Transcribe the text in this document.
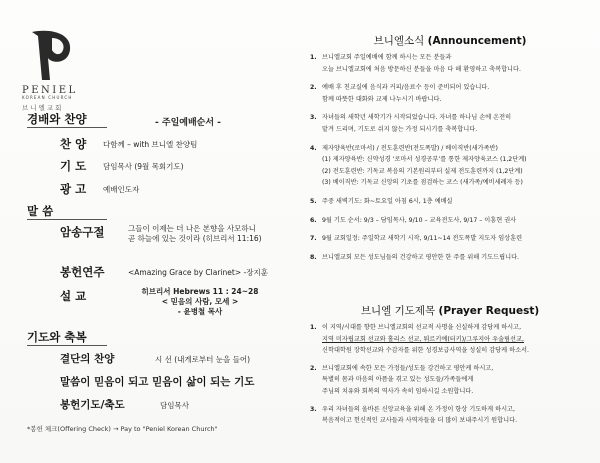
PENIEL
KOREAN CHURCH
브니엘교회
경배와 찬양	- 주일예배순서 -
찬 양 다함께 – with 브니엘 찬양팀
기 도 담임목사 (9월 목회기도)
광 고 예배인도자
말 씀
암송구절	그들이 이제는 더 나은 본향을 사모하니
곧 하늘에 있는 것이라 (히브리서 11:16)
봉헌연주	<Amazing Grace by Clarinet> -장지훈
설 교	히브리서 Hebrews 11 : 24~28
< 믿음의 사람, 모세 >
- 윤병철 목사
기도와 축복
결단의 찬양	시 선 (내게로부터 눈을 들어)
말씀이 믿음이 되고 믿음이 삶이 되는 기도
봉헌기도/축도	담임목사
*봉헌 체크(Offering Check) → Pay to "Peniel Korean Church"
브니엘소식 (Announcement)
1. 브니엘교회 주일예배에 함께 하시는 모든 분들과
오늘 브니엘교회에 처음 방문하신 분들을 마음 다 해 환영하고 축복합니다.
2. 예배 후 친교실에 음식과 커피/음료수 등이 준비되어 있습니다.
함께 따뜻한 대화와 교제 나누시기 바랍니다.
3. 자녀들의 새학년 새학기가 시작되었습니다. 자녀를 하나님 손에 온전히
맡겨 드리며, 기도로 쉬지 않는 가정 되시기를 축복합니다.
4. 제자양육반(로마서) / 전도훈련반(전도폭발) / 베이직반(새가족반)
(1) 제자양육반: 신약성경 ‘로마서 성경공부’를 통한 제자양육코스 (1,2단계)
(2) 전도훈련반: 기독교 복음의 기본원리부터 실제 전도훈련까지 (1,2단계)
(3) 베이직반: 기독교 신앙의 기초를 점검하는 코스 (새가족/예비세례자 등)
5. 주중 새벽기도: 화~토요일 아침 6시, 1층 예배실
6. 9월 기도 순서: 9/3 – 담임목사, 9/10 – 교육전도사, 9/17 – 이흥현 권사
7. 9월 교회일정: 주일학교 새학기 시작, 9/11~14 전도폭발 지도자 임상훈련
8. 브니엘교회 모든 성도님들의 건강하고 평안한 한 주를 위해 기도드립니다.
브니엘 기도제목 (Prayer Request)
1. 이 지역/시대를 향한 브니엘교회의 선교적 사명을 신실하게 감당케 하시고,
지역 미자립교회 선교와 홀리스 선교, 튀르키예(터키)/그루지아 우술림선교,
신학대학원 장학선교와 수감자를 위한 성경보급사역을 성실히 감당케 하소서.
2. 브니엘교회에 속한 모든 가정들/성도들 강건하고 평안케 하시고,
특별히 몸과 마음의 아픔을 겪고 있는 성도들/가족들에게
주님의 치유와 회복의 역사가 속히 임하시길 소원합니다.
3. 우리 자녀들의 올바른 신앙교육을 위해 온 가정이 항상 기도하게 하시고,
복음적이고 헌신적인 교사들과 사역자들을 더 많이 보내주시기 원합니다.
